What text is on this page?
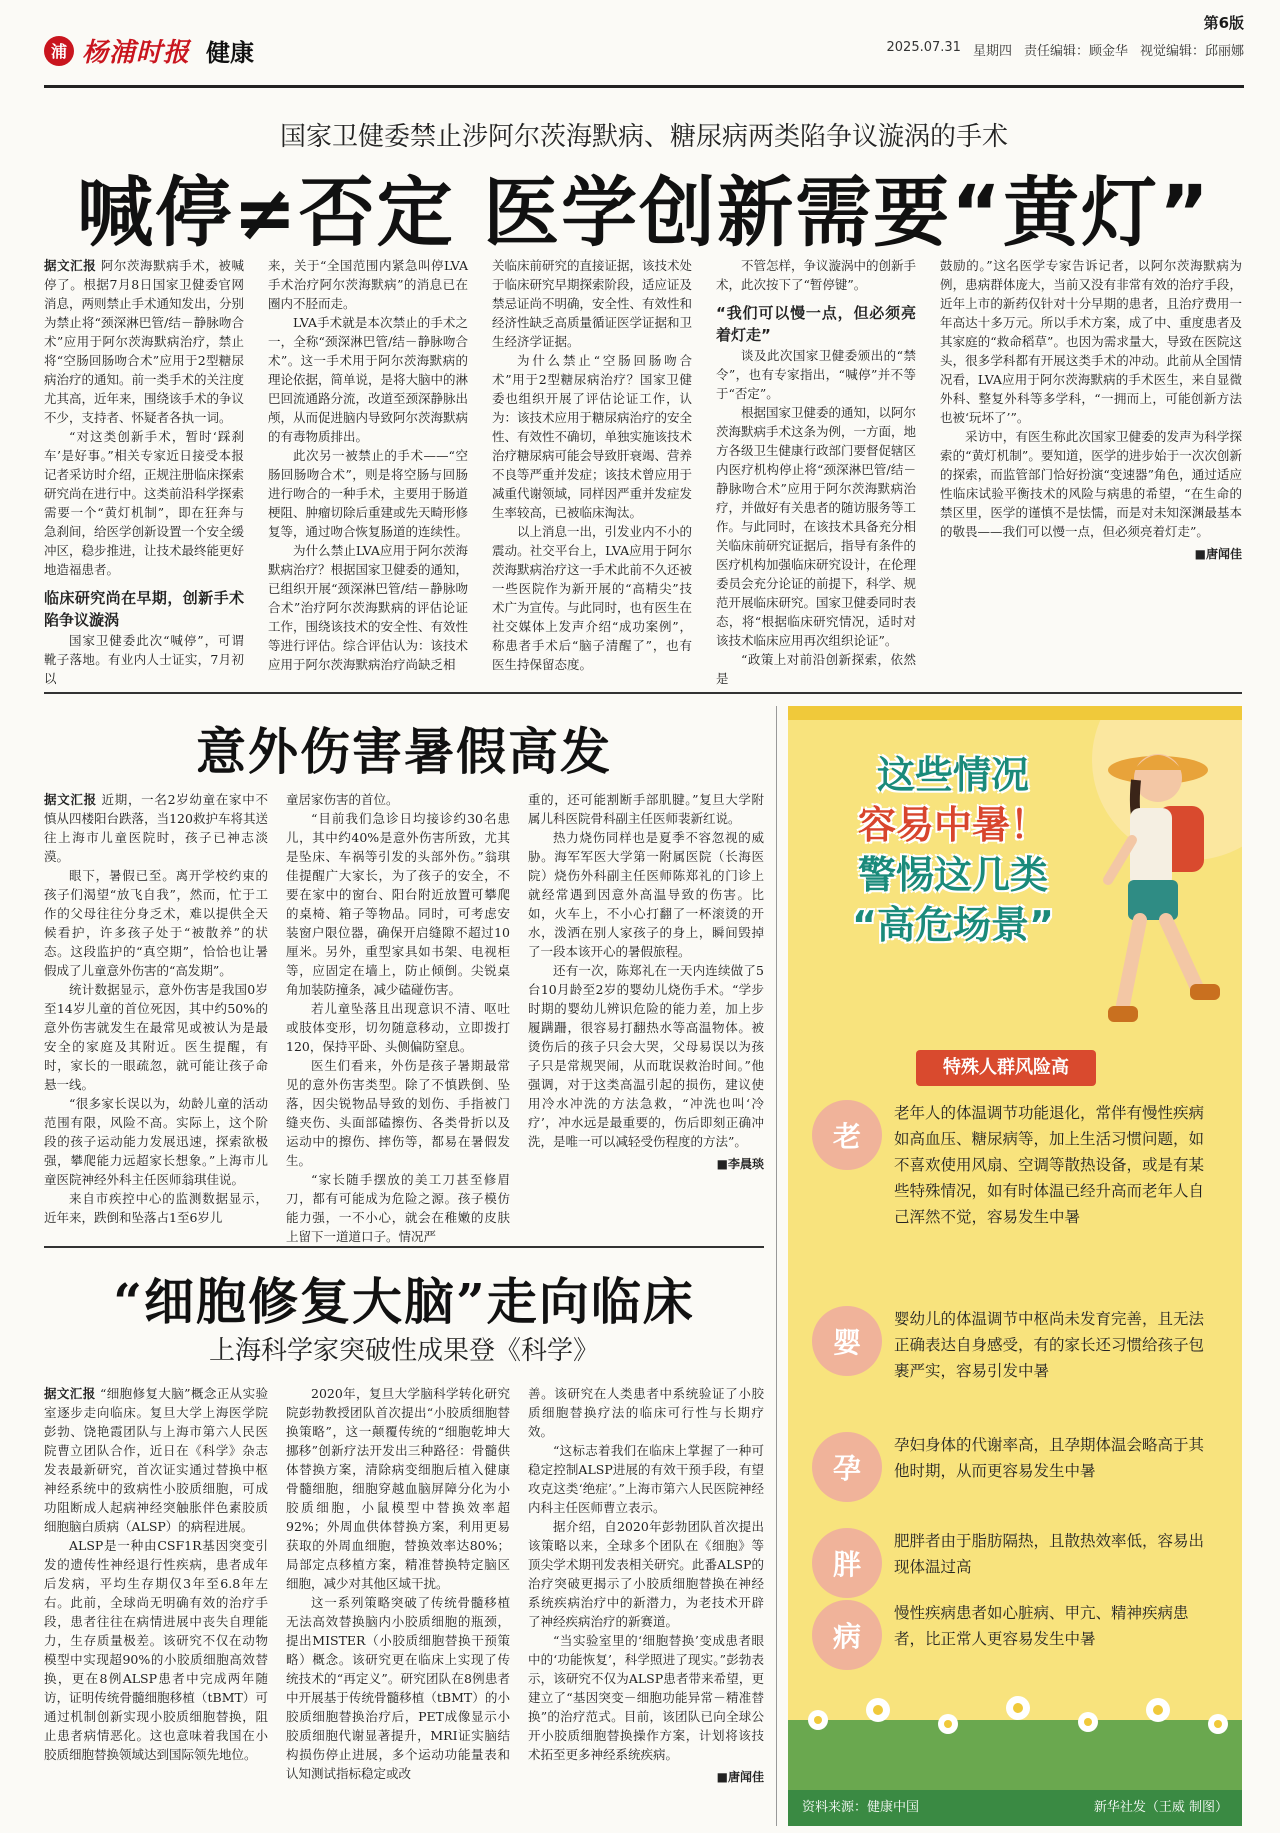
浦 杨浦时报 健康
第6版
2025.07.31 星期四 责任编辑：顾金华 视觉编辑：邱丽娜
国家卫健委禁止涉阿尔茨海默病、糖尿病两类陷争议漩涡的手术
喊停≠否定 医学创新需要“黄灯”

据文汇报 阿尔茨海默病手术，被喊停了。根据7月8日国家卫健委官网消息，两则禁止手术通知发出，分别为禁止将“颈深淋巴管/结－静脉吻合术”应用于阿尔茨海默病治疗，禁止将“空肠回肠吻合术”应用于2型糖尿病治疗的通知。前一类手术的关注度尤其高，近年来，围绕该手术的争议不少，支持者、怀疑者各执一词。

“对这类创新手术，暂时‘踩刹车’是好事。”相关专家近日接受本报记者采访时介绍，正规注册临床探索研究尚在进行中。这类前沿科学探索需要一个“黄灯机制”，即在狂奔与急刹间，给医学创新设置一个安全缓冲区，稳步推进，让技术最终能更好地造福患者。

临床研究尚在早期，创新手术陷争议漩涡

国家卫健委此次“喊停”，可谓靴子落地。有业内人士证实，7月初以

来，关于“全国范围内紧急叫停LVA手术治疗阿尔茨海默病”的消息已在圈内不胫而走。

LVA手术就是本次禁止的手术之一，全称“颈深淋巴管/结－静脉吻合术”。这一手术用于阿尔茨海默病的理论依据，简单说，是将大脑中的淋巴回流通路分流，改道至颈深静脉出颅，从而促进脑内导致阿尔茨海默病的有毒物质排出。

此次另一被禁止的手术——“空肠回肠吻合术”，则是将空肠与回肠进行吻合的一种手术，主要用于肠道梗阻、肿瘤切除后重建或先天畸形修复等，通过吻合恢复肠道的连续性。

为什么禁止LVA应用于阿尔茨海默病治疗？根据国家卫健委的通知，已组织开展“颈深淋巴管/结－静脉吻合术”治疗阿尔茨海默病的评估论证工作，围绕该技术的安全性、有效性等进行评估。综合评估认为：该技术应用于阿尔茨海默病治疗尚缺乏相

关临床前研究的直接证据，该技术处于临床研究早期探索阶段，适应证及禁忌证尚不明确，安全性、有效性和经济性缺乏高质量循证医学证据和卫生经济学证据。

为什么禁止“空肠回肠吻合术”用于2型糖尿病治疗？国家卫健委也组织开展了评估论证工作，认为：该技术应用于糖尿病治疗的安全性、有效性不确切，单独实施该技术治疗糖尿病可能会导致肝衰竭、营养不良等严重并发症；该技术曾应用于减重代谢领域，同样因严重并发症发生率较高，已被临床淘汰。

以上消息一出，引发业内不小的震动。社交平台上，LVA应用于阿尔茨海默病治疗这一手术此前不久还被一些医院作为新开展的“高精尖”技术广为宣传。与此同时，也有医生在社交媒体上发声介绍“成功案例”，称患者手术后“脑子清醒了”，也有医生持保留态度。

不管怎样，争议漩涡中的创新手术，此次按下了“暂停键”。

“我们可以慢一点，但必须亮着灯走”

谈及此次国家卫健委颁出的“禁令”，也有专家指出，“喊停”并不等于“否定”。

根据国家卫健委的通知，以阿尔茨海默病手术这条为例，一方面，地方各级卫生健康行政部门要督促辖区内医疗机构停止将“颈深淋巴管/结－静脉吻合术”应用于阿尔茨海默病治疗，并做好有关患者的随访服务等工作。与此同时，在该技术具备充分相关临床前研究证据后，指导有条件的医疗机构加强临床研究设计，在伦理委员会充分论证的前提下，科学、规范开展临床研究。国家卫健委同时表态，将“根据临床研究情况，适时对该技术临床应用再次组织论证”。

“政策上对前沿创新探索，依然是

鼓励的。”这名医学专家告诉记者，以阿尔茨海默病为例，患病群体庞大，当前又没有非常有效的治疗手段，近年上市的新药仅针对十分早期的患者，且治疗费用一年高达十多万元。所以手术方案，成了中、重度患者及其家庭的“救命稻草”。也因为需求量大，导致在医院这头，很多学科都有开展这类手术的冲动。此前从全国情况看，LVA应用于阿尔茨海默病的手术医生，来自显微外科、整复外科等多学科，“一拥而上，可能创新方法也被‘玩坏了’”。

采访中，有医生称此次国家卫健委的发声为科学探索的“黄灯机制”。要知道，医学的进步始于一次次创新的探索，而监管部门恰好扮演“变速器”角色，通过适应性临床试验平衡技术的风险与病患的希望，“在生命的禁区里，医学的谨慎不是怯懦，而是对未知深渊最基本的敬畏——我们可以慢一点，但必须亮着灯走”。

■唐闻佳

意外伤害暑假高发

据文汇报 近期，一名2岁幼童在家中不慎从四楼阳台跌落，当120救护车将其送往上海市儿童医院时，孩子已神志淡漠。

眼下，暑假已至。离开学校约束的孩子们渴望“放飞自我”，然而，忙于工作的父母往往分身乏术，难以提供全天候看护，许多孩子处于“被散养”的状态。这段监护的“真空期”，恰恰也让暑假成了儿童意外伤害的“高发期”。

统计数据显示，意外伤害是我国0岁至14岁儿童的首位死因，其中约50%的意外伤害就发生在最常见或被认为是最安全的家庭及其附近。医生提醒，有时，家长的一眼疏忽，就可能让孩子命悬一线。

“很多家长误以为，幼龄儿童的活动范围有限，风险不高。实际上，这个阶段的孩子运动能力发展迅速，探索欲极强，攀爬能力远超家长想象。”上海市儿童医院神经外科主任医师翁琪佳说。

来自市疾控中心的监测数据显示，近年来，跌倒和坠落占1至6岁儿

童居家伤害的首位。

“目前我们急诊日均接诊约30名患儿，其中约40%是意外伤害所致，尤其是坠床、车祸等引发的头部外伤。”翁琪佳提醒广大家长，为了孩子的安全，不要在家中的窗台、阳台附近放置可攀爬的桌椅、箱子等物品。同时，可考虑安装窗户限位器，确保开启缝隙不超过10厘米。另外，重型家具如书架、电视柜等，应固定在墙上，防止倾倒。尖锐桌角加装防撞条，减少磕碰伤害。

若儿童坠落且出现意识不清、呕吐或肢体变形，切勿随意移动，立即拨打120，保持平卧、头侧偏防窒息。

医生们看来，外伤是孩子暑期最常见的意外伤害类型。除了不慎跌倒、坠落，因尖锐物品导致的划伤、手指被门缝夹伤、头面部磕擦伤、各类骨折以及运动中的擦伤、摔伤等，都易在暑假发生。

“家长随手摆放的美工刀甚至修眉刀，都有可能成为危险之源。孩子模仿能力强，一不小心，就会在稚嫩的皮肤上留下一道道口子。情况严

重的，还可能割断手部肌腱。”复旦大学附属儿科医院骨科副主任医师裴新红说。

热力烧伤同样也是夏季不容忽视的威胁。海军军医大学第一附属医院（长海医院）烧伤外科副主任医师陈郑礼的门诊上就经常遇到因意外高温导致的伤害。比如，火车上，不小心打翻了一杯滚烫的开水，泼洒在别人家孩子的身上，瞬间毁掉了一段本该开心的暑假旅程。

还有一次，陈郑礼在一天内连续做了5台10月龄至2岁的婴幼儿烧伤手术。“学步时期的婴幼儿辨识危险的能力差，加上步履蹒跚，很容易打翻热水等高温物体。被烫伤后的孩子只会大哭，父母易误以为孩子只是常规哭闹，从而耽误救治时间。”他强调，对于这类高温引起的损伤，建议使用冷水冲洗的方法急救，“冲洗也叫‘冷疗’，冲水远是最重要的，伤后即刻正确冲洗，是唯一可以减轻受伤程度的方法”。

■李晨琰

“细胞修复大脑”走向临床
上海科学家突破性成果登《科学》

据文汇报 “细胞修复大脑”概念正从实验室逐步走向临床。复旦大学上海医学院彭勃、饶艳霞团队与上海市第六人民医院曹立团队合作，近日在《科学》杂志发表最新研究，首次证实通过替换中枢神经系统中的致病性小胶质细胞，可成功阻断成人起病神经突触胀伴色素胶质细胞脑白质病（ALSP）的病程进展。

ALSP是一种由CSF1R基因突变引发的遗传性神经退行性疾病，患者成年后发病，平均生存期仅3年至6.8年左右。此前，全球尚无明确有效的治疗手段，患者往往在病情进展中丧失自理能力，生存质量极差。该研究不仅在动物模型中实现超90%的小胶质细胞高效替换，更在8例ALSP患者中完成两年随访，证明传统骨髓细胞移植（tBMT）可通过机制创新实现小胶质细胞替换，阻止患者病情恶化。这也意味着我国在小胶质细胞替换领域达到国际领先地位。

2020年，复旦大学脑科学转化研究院彭勃教授团队首次提出“小胶质细胞替换策略”，这一颠覆传统的“细胞乾坤大挪移”创新疗法开发出三种路径：骨髓供体替换方案，清除病变细胞后植入健康骨髓细胞，细胞穿越血脑屏障分化为小胶质细胞，小鼠模型中替换效率超92%；外周血供体替换方案，利用更易获取的外周血细胞，替换效率达80%；局部定点移植方案，精准替换特定脑区细胞，减少对其他区域干扰。

这一系列策略突破了传统骨髓移植无法高效替换脑内小胶质细胞的瓶颈，提出MISTER（小胶质细胞替换干预策略）概念。该研究更在临床上实现了传统技术的“再定义”。研究团队在8例患者中开展基于传统骨髓移植（tBMT）的小胶质细胞替换治疗后，PET成像显示小胶质细胞代谢显著提升，MRI证实脑结构损伤停止进展，多个运动功能量表和认知测试指标稳定或改

善。该研究在人类患者中系统验证了小胶质细胞替换疗法的临床可行性与长期疗效。

“这标志着我们在临床上掌握了一种可稳定控制ALSP进展的有效干预手段，有望攻克这类‘绝症’。”上海市第六人民医院神经内科主任医师曹立表示。

据介绍，自2020年彭勃团队首次提出该策略以来，全球多个团队在《细胞》等顶尖学术期刊发表相关研究。此番ALSP的治疗突破更揭示了小胶质细胞替换在神经系统疾病治疗中的新潜力，为老技术开辟了神经疾病治疗的新赛道。

“当实验室里的‘细胞替换’变成患者眼中的‘功能恢复’，科学照进了现实。”彭勃表示，该研究不仅为ALSP患者带来希望，更建立了“基因突变－细胞功能异常－精准替换”的治疗范式。目前，该团队已向全球公开小胶质细胞替换操作方案，计划将该技术拓至更多神经系统疾病。

■唐闻佳

这些情况
容易中暑！
警惕这几类
“高危场景”
特殊人群风险高
老
老年人的体温调节功能退化，常伴有慢性疾病如高血压、糖尿病等，加上生活习惯问题，如不喜欢使用风扇、空调等散热设备，或是有某些特殊情况，如有时体温已经升高而老年人自己浑然不觉，容易发生中暑
婴
婴幼儿的体温调节中枢尚未发育完善，且无法正确表达自身感受，有的家长还习惯给孩子包裹严实，容易引发中暑
孕
孕妇身体的代谢率高，且孕期体温会略高于其他时期，从而更容易发生中暑
胖
肥胖者由于脂肪隔热，且散热效率低，容易出现体温过高
病
慢性疾病患者如心脏病、甲亢、精神疾病患者，比正常人更容易发生中暑
资料来源：健康中国	新华社发（王威 制图）
